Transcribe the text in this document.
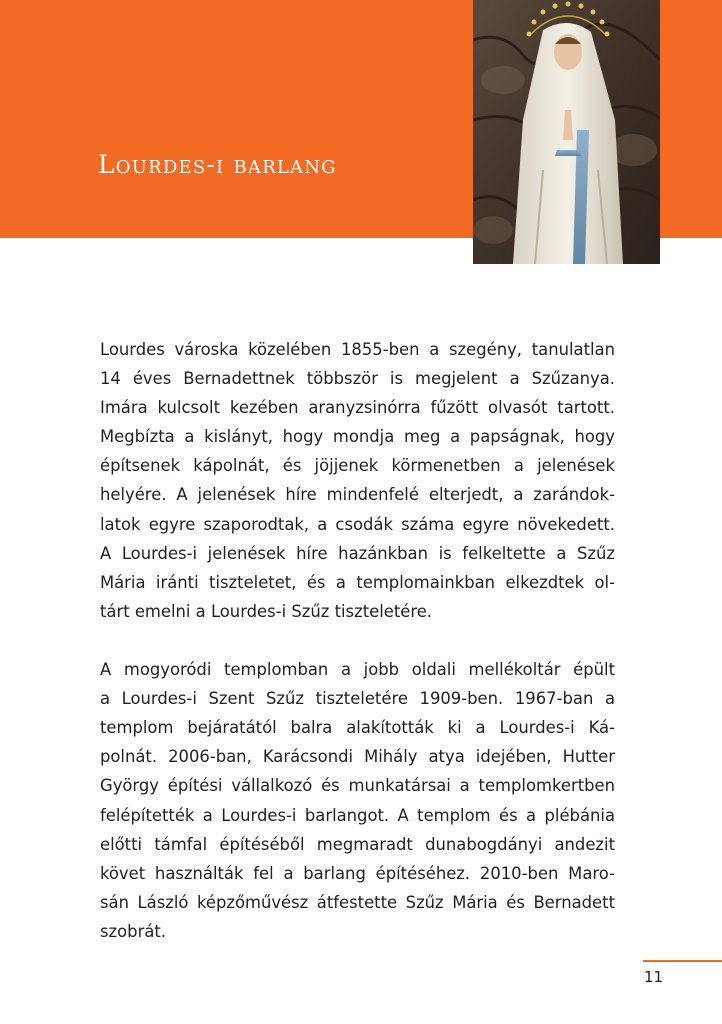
Lourdes-i barlang
Lourdes városka közelében 1855-ben a szegény, tanulatlan
14 éves Bernadettnek többször is megjelent a Szűzanya.
Imára kulcsolt kezében aranyzsinórra fűzött olvasót tartott.
Megbízta a kislányt, hogy mondja meg a papságnak, hogy
építsenek kápolnát, és jöjjenek körmenetben a jelenések
helyére. A jelenések híre mindenfelé elterjedt, a zarándok-
latok egyre szaporodtak, a csodák száma egyre növekedett.
A Lourdes-i jelenések híre hazánkban is felkeltette a Szűz
Mária iránti tiszteletet, és a templomainkban elkezdtek ol-
tárt emelni a Lourdes-i Szűz tiszteletére.
A mogyoródi templomban a jobb oldali mellékoltár épült
a Lourdes-i Szent Szűz tiszteletére 1909-ben. 1967-ban a
templom bejáratától balra alakították ki a Lourdes-i Ká-
polnát. 2006-ban, Karácsondi Mihály atya idejében, Hutter
György építési vállalkozó és munkatársai a templomkertben
felépítették a Lourdes-i barlangot. A templom és a plébánia
előtti támfal építéséből megmaradt dunabogdányi andezit
követ használták fel a barlang építéséhez. 2010-ben Maro-
sán László képzőművész átfestette Szűz Mária és Bernadett
szobrát.
11
